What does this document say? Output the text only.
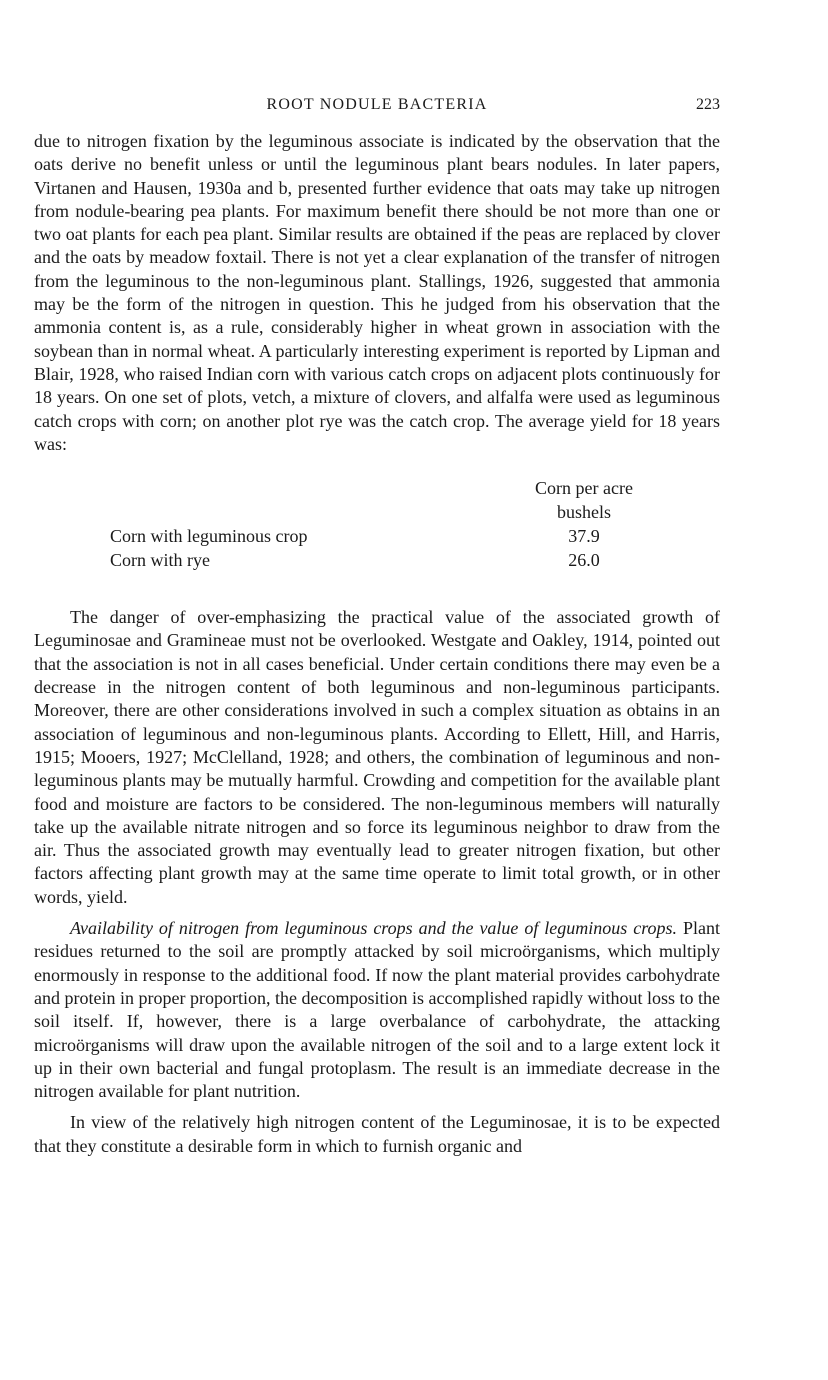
ROOT NODULE BACTERIA	223

due to nitrogen fixation by the leguminous associate is indicated by the observation that the oats derive no benefit unless or until the leguminous plant bears nodules. In later papers, Virtanen and Hausen, 1930a and b, presented further evidence that oats may take up nitrogen from nodule-bearing pea plants. For maximum benefit there should be not more than one or two oat plants for each pea plant. Similar results are obtained if the peas are replaced by clover and the oats by meadow foxtail. There is not yet a clear explanation of the transfer of nitrogen from the leguminous to the non-leguminous plant. Stallings, 1926, suggested that ammonia may be the form of the nitrogen in question. This he judged from his observation that the ammonia content is, as a rule, considerably higher in wheat grown in association with the soybean than in normal wheat. A particularly interesting experiment is reported by Lipman and Blair, 1928, who raised Indian corn with various catch crops on adjacent plots continuously for 18 years. On one set of plots, vetch, a mixture of clovers, and alfalfa were used as leguminous catch crops with corn; on another plot rye was the catch crop. The average yield for 18 years was:

Corn per acre
bushels
Corn with leguminous crop	37.9
Corn with rye	26.0

The danger of over-emphasizing the practical value of the associated growth of Leguminosae and Gramineae must not be overlooked. Westgate and Oakley, 1914, pointed out that the association is not in all cases beneficial. Under certain conditions there may even be a decrease in the nitrogen content of both leguminous and non-leguminous participants. Moreover, there are other considerations involved in such a complex situation as obtains in an association of leguminous and non-leguminous plants. According to Ellett, Hill, and Harris, 1915; Mooers, 1927; McClelland, 1928; and others, the combination of leguminous and non-leguminous plants may be mutually harmful. Crowding and competition for the available plant food and moisture are factors to be considered. The non-leguminous members will naturally take up the available nitrate nitrogen and so force its leguminous neighbor to draw from the air. Thus the associated growth may eventually lead to greater nitrogen fixation, but other factors affecting plant growth may at the same time operate to limit total growth, or in other words, yield.

Availability of nitrogen from leguminous crops and the value of leguminous crops. Plant residues returned to the soil are promptly attacked by soil microörganisms, which multiply enormously in response to the additional food. If now the plant material provides carbohydrate and protein in proper proportion, the decomposition is accomplished rapidly without loss to the soil itself. If, however, there is a large overbalance of carbohydrate, the attacking microörganisms will draw upon the available nitrogen of the soil and to a large extent lock it up in their own bacterial and fungal protoplasm. The result is an immediate decrease in the nitrogen available for plant nutrition.

In view of the relatively high nitrogen content of the Leguminosae, it is to be expected that they constitute a desirable form in which to furnish organic and
